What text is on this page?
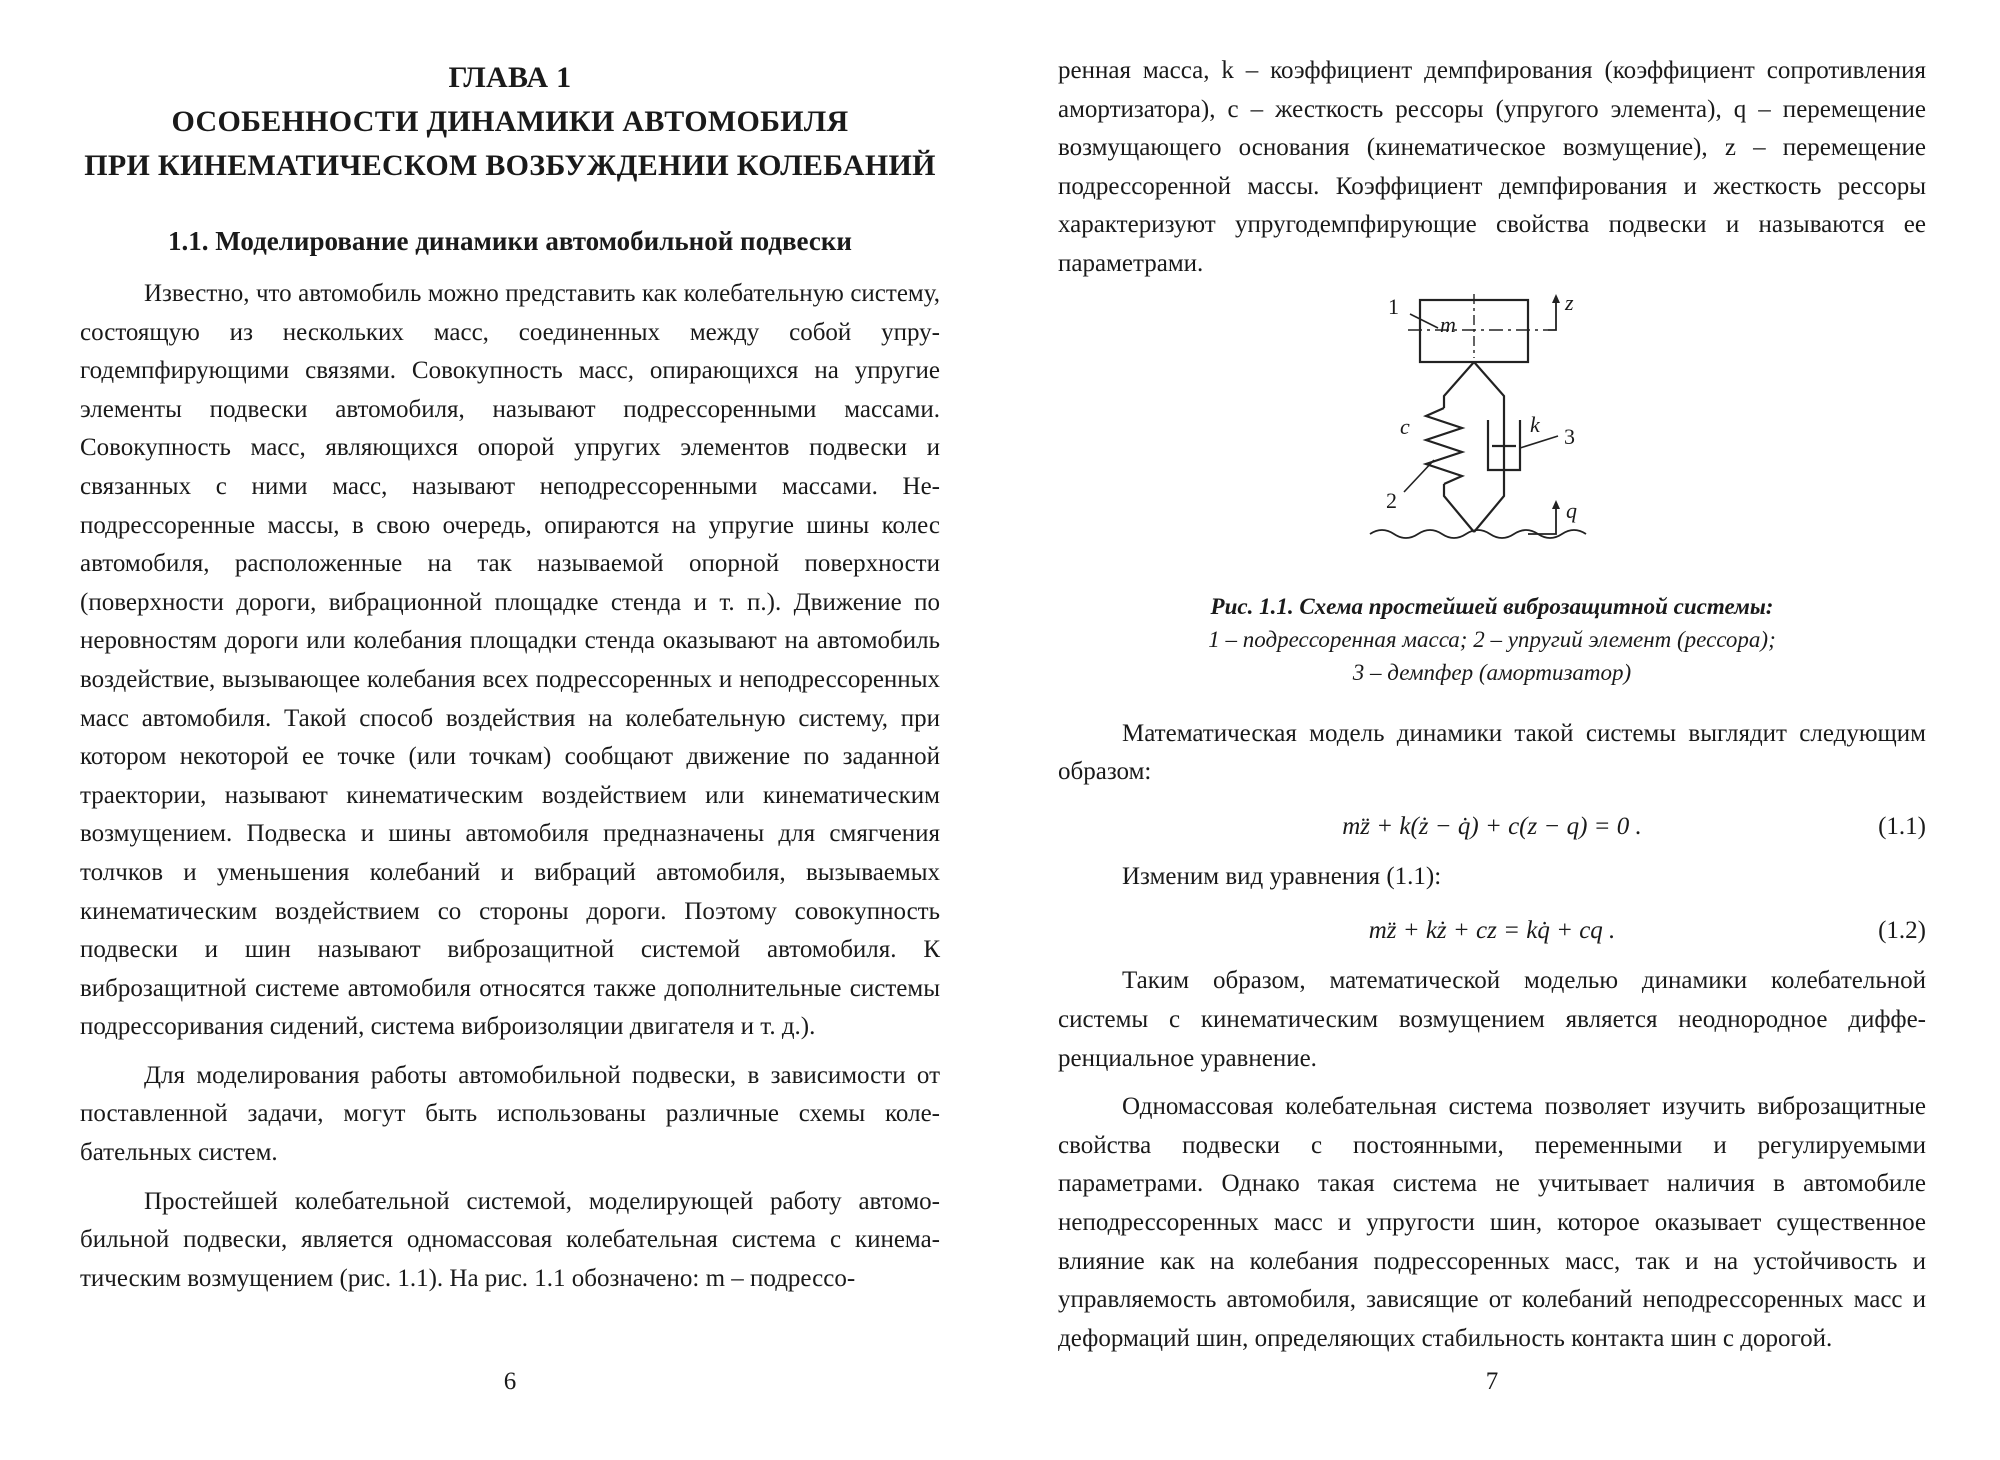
ГЛАВА 1
ОСОБЕННОСТИ ДИНАМИКИ АВТОМОБИЛЯ
ПРИ КИНЕМАТИЧЕСКОМ ВОЗБУЖДЕНИИ КОЛЕБАНИЙ
1.1. Моделирование динамики автомобильной подвески

Известно, что автомобиль можно представить как колебательную систему, состоящую из нескольких масс, соединенных между собой упругодемпфирующими связями. Совокупность масс, опирающихся на упругие элементы подвески автомобиля, называют подрессоренными массами. Совокупность масс, являющихся опорой упругих элементов подвески и связанных с ними масс, называют неподрессоренными массами. Неподрессоренные массы, в свою очередь, опираются на упругие шины колес автомобиля, расположенные на так называемой опорной поверхности (поверхности дороги, вибрационной площадке стенда и т. п.). Движение по неровностям дороги или колебания площадки стенда оказывают на автомобиль воздействие, вызывающее колебания всех подрессоренных и неподрессоренных масс автомобиля. Такой способ воздействия на колебательную систему, при котором некоторой ее точке (или точкам) сообщают движение по заданной траектории, называют кинематическим воздействием или кинематическим возмущением. Подвеска и шины автомобиля предназначены для смягчения толчков и уменьшения колебаний и вибраций автомобиля, вызываемых кинематическим воздействием со стороны дороги. Поэтому совокупность подвески и шин называют виброзащитной системой автомобиля. К виброзащитной системе автомобиля относятся также дополнительные системы подрессоривания сидений, система виброизоляции двигателя и т. д.).

Для моделирования работы автомобильной подвески, в зависимости от поставленной задачи, могут быть использованы различные схемы колебательных систем.

Простейшей колебательной системой, моделирующей работу автомобильной подвески, является одномассовая колебательная система с кинематическим возмущением (рис. 1.1). На рис. 1.1 обозначено: m – подрессо-

6

ренная масса, k – коэффициент демпфирования (коэффициент сопротивления амортизатора), c – жесткость рессоры (упругого элемента), q – перемещение возмущающего основания (кинематическое возмущение), z – перемещение подрессоренной массы. Коэффициент демпфирования и жесткость рессоры характеризуют упругодемпфирующие свойства подвески и называются ее параметрами.

1
m
z
c	k 3
2	q
Рис. 1.1. Схема простейшей виброзащитной системы:
1 – подрессоренная масса; 2 – упругий элемент (рессора);
3 – демпфер (амортизатор)

Математическая модель динамики такой системы выглядит следующим образом:

mz̈ + k(ż − q̇) + c(z − q) = 0 .	(1.1)

Изменим вид уравнения (1.1):

mz̈ + kż + cz = kq̇ + cq .	(1.2)

Таким образом, математической моделью динамики колебательной системы с кинематическим возмущением является неоднородное дифференциальное уравнение.

Одномассовая колебательная система позволяет изучить виброзащитные свойства подвески с постоянными, переменными и регулируемыми параметрами. Однако такая система не учитывает наличия в автомобиле неподрессоренных масс и упругости шин, которое оказывает существенное влияние как на колебания подрессоренных масс, так и на устойчивость и управляемость автомобиля, зависящие от колебаний неподрессоренных масс и деформаций шин, определяющих стабильность контакта шин с дорогой.

7
